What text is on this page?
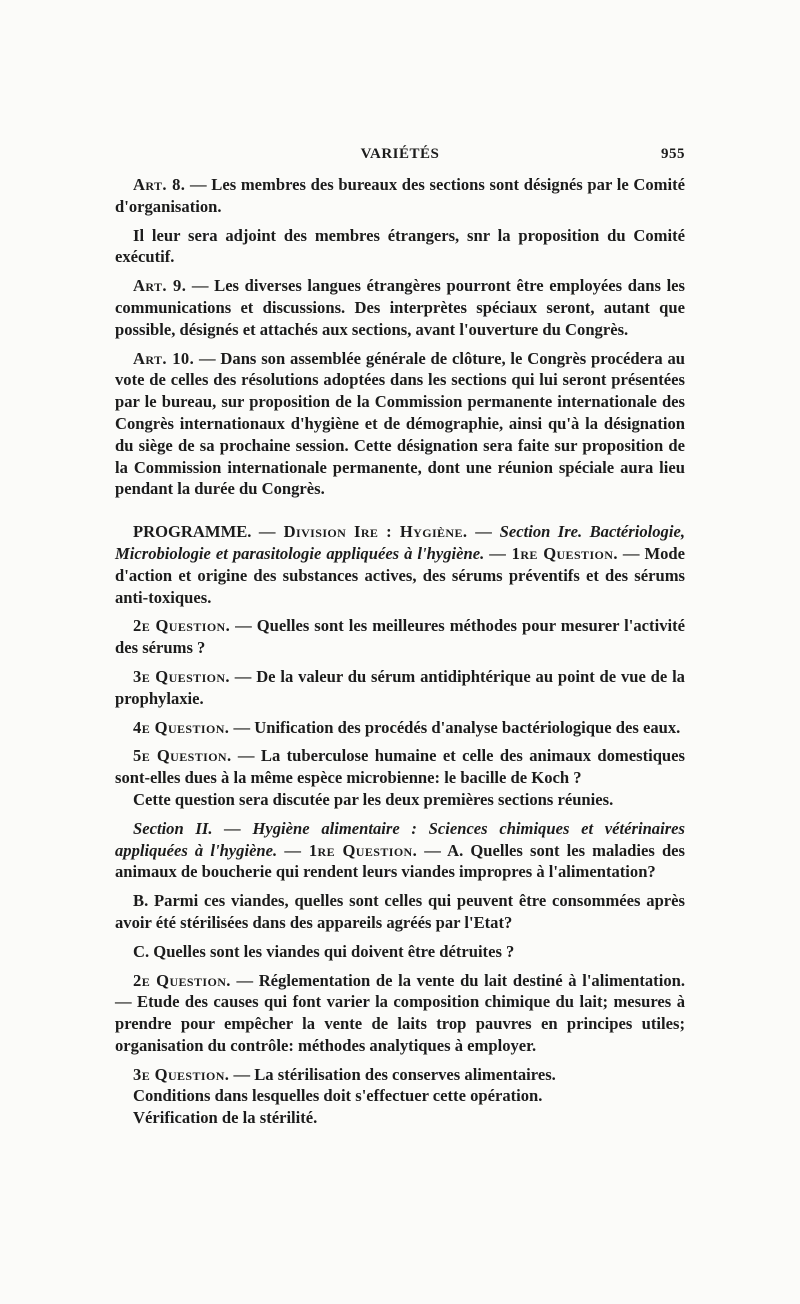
VARIÉTÉS	955

Art. 8. — Les membres des bureaux des sections sont désignés par le Comité d'organisation.

Il leur sera adjoint des membres étrangers, snr la proposition du Comité exécutif.

Art. 9. — Les diverses langues étrangères pourront être employées dans les communications et discussions. Des interprètes spéciaux seront, autant que possible, désignés et attachés aux sections, avant l'ouverture du Congrès.

Art. 10. — Dans son assemblée générale de clôture, le Congrès procédera au vote de celles des résolutions adoptées dans les sections qui lui seront présentées par le bureau, sur proposition de la Commission permanente internationale des Congrès internationaux d'hygiène et de démographie, ainsi qu'à la désignation du siège de sa prochaine session. Cette désignation sera faite sur proposition de la Commission internationale permanente, dont une réunion spéciale aura lieu pendant la durée du Congrès.

PROGRAMME. — Division Ire : Hygiène. — Section Ire. Bactériologie, Microbiologie et parasitologie appliquées à l'hygiène. — 1re Question. — Mode d'action et origine des substances actives, des sérums préventifs et des sérums anti-toxiques.

2e Question. — Quelles sont les meilleures méthodes pour mesurer l'activité des sérums ?

3e Question. — De la valeur du sérum antidiphtérique au point de vue de la prophylaxie.

4e Question. — Unification des procédés d'analyse bactériologique des eaux.

5e Question. — La tuberculose humaine et celle des animaux domestiques sont-elles dues à la même espèce microbienne: le bacille de Koch ?
Cette question sera discutée par les deux premières sections réunies.

Section II. — Hygiène alimentaire : Sciences chimiques et vétérinaires appliquées à l'hygiène. — 1re Question. — A. Quelles sont les maladies des animaux de boucherie qui rendent leurs viandes impropres à l'alimentation?

B. Parmi ces viandes, quelles sont celles qui peuvent être consommées après avoir été stérilisées dans des appareils agréés par l'Etat?

C. Quelles sont les viandes qui doivent être détruites ?

2e Question. — Réglementation de la vente du lait destiné à l'alimentation. — Etude des causes qui font varier la composition chimique du lait; mesures à prendre pour empêcher la vente de laits trop pauvres en principes utiles; organisation du contrôle: méthodes analytiques à employer.

3e Question. — La stérilisation des conserves alimentaires.
Conditions dans lesquelles doit s'effectuer cette opération.
Vérification de la stérilité.
